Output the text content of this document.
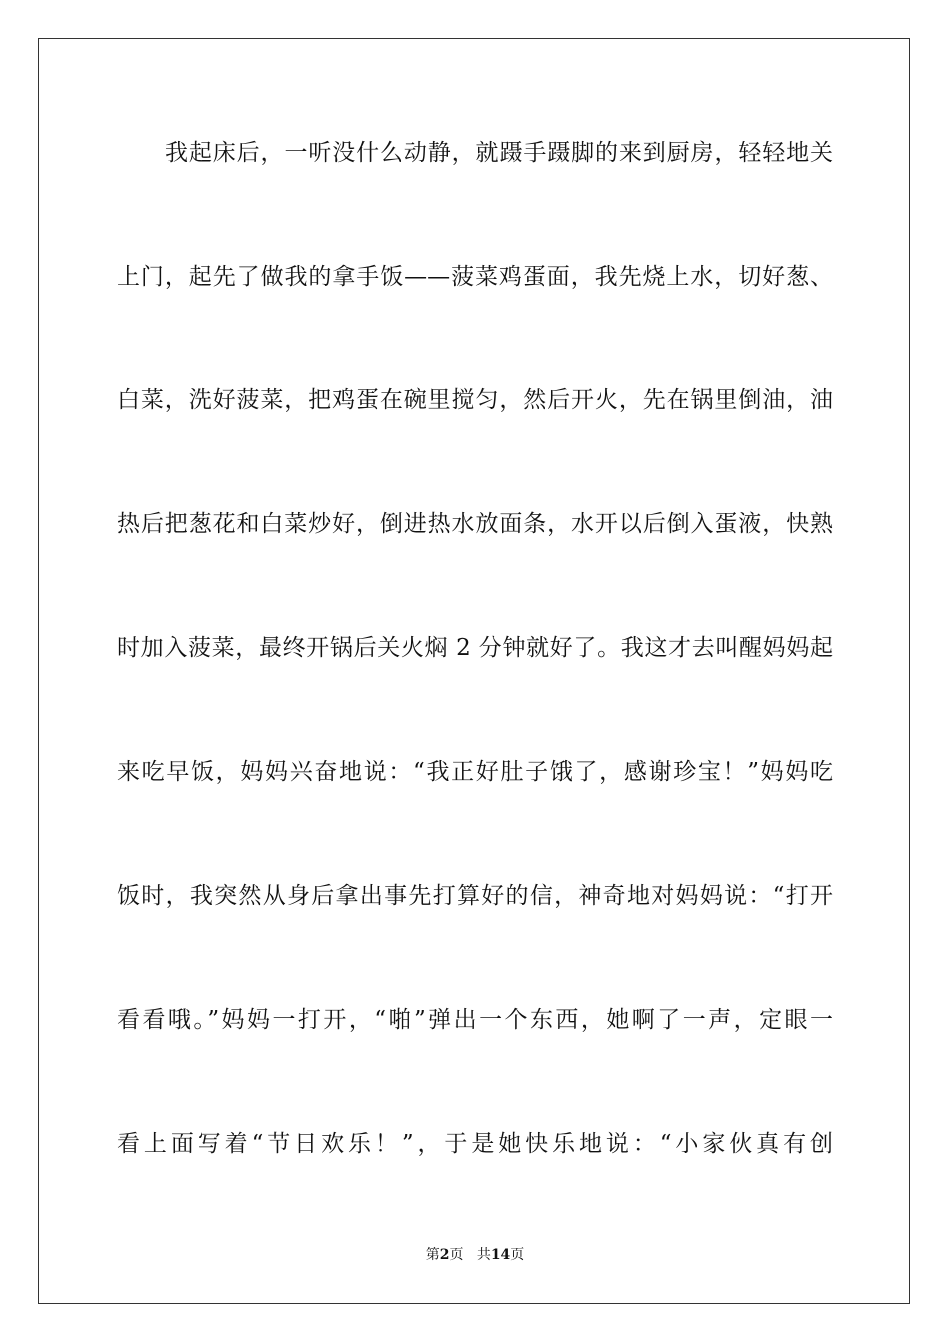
我起床后，一听没什么动静，就蹑手蹑脚的来到厨房，轻轻地关
上门，起先了做我的拿手饭——菠菜鸡蛋面，我先烧上水，切好葱、
白菜，洗好菠菜，把鸡蛋在碗里搅匀，然后开火，先在锅里倒油，油
热后把葱花和白菜炒好，倒进热水放面条，水开以后倒入蛋液，快熟
时加入菠菜，最终开锅后关火焖 2 分钟就好了。我这才去叫醒妈妈起
来吃早饭，妈妈兴奋地说：“我正好肚子饿了，感谢珍宝！”妈妈吃
饭时，我突然从身后拿出事先打算好的信，神奇地对妈妈说：“打开
看看哦。”妈妈一打开，“啪”弹出一个东西，她啊了一声，定眼一
看上面写着“节日欢乐！”，于是她快乐地说：“小家伙真有创
第2页 共14页
